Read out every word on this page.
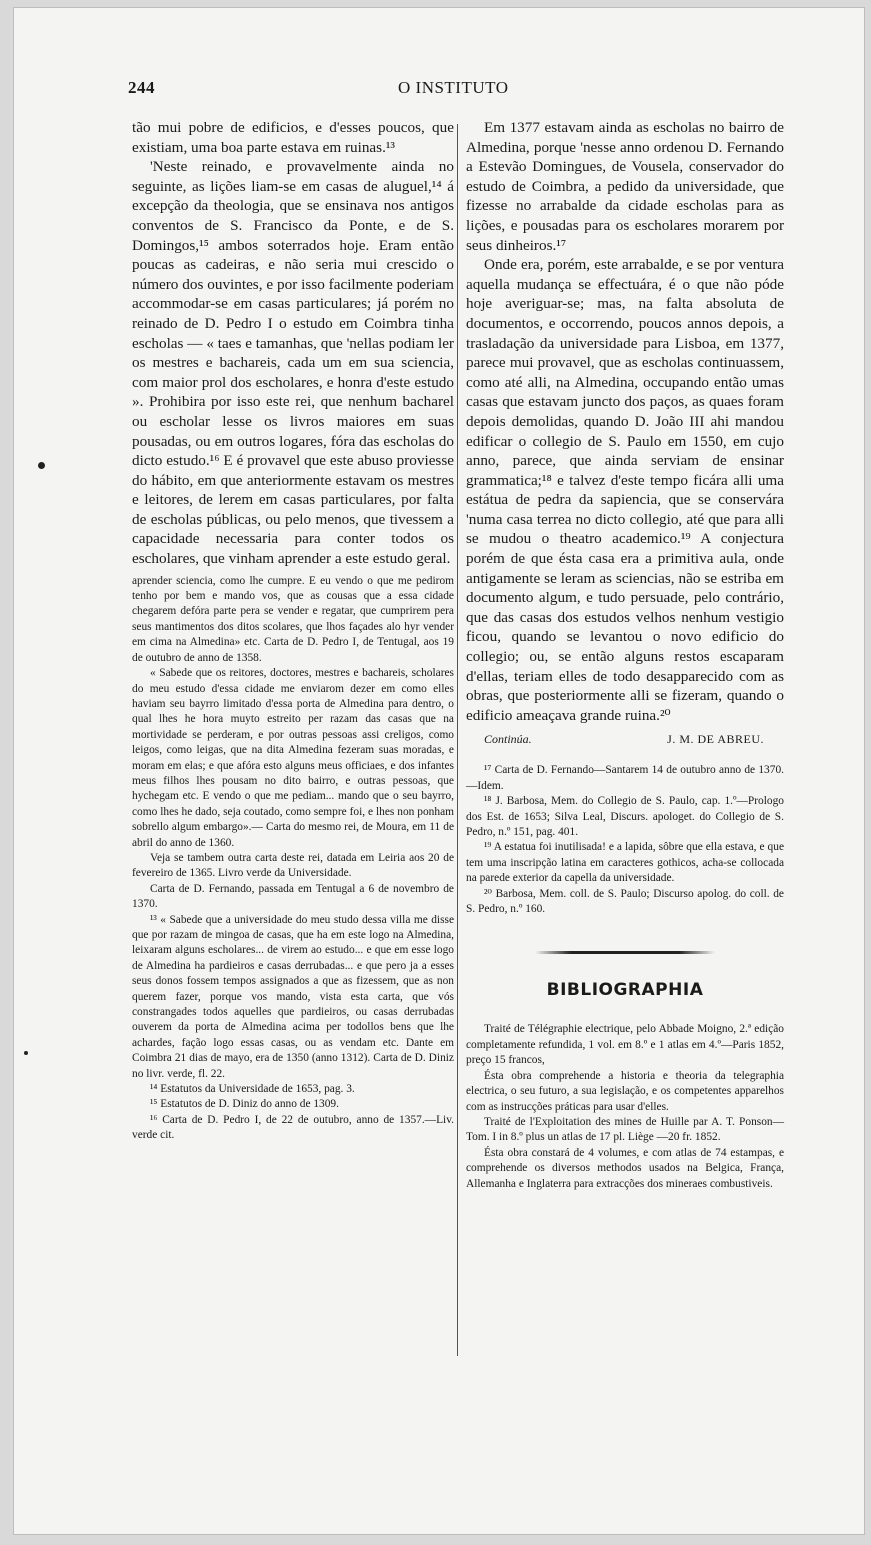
244	O INSTITUTO

tão mui pobre de edificios, e d'esses poucos, que existiam, uma boa parte estava em ruinas.¹³

'Neste reinado, e provavelmente ainda no seguinte, as lições liam-se em casas de aluguel,¹⁴ á excepção da theologia, que se ensinava nos antigos conventos de S. Francisco da Ponte, e de S. Domingos,¹⁵ ambos soterrados hoje. Eram então poucas as cadeiras, e não seria mui crescido o número dos ouvintes, e por isso facilmente poderiam accommodar-se em casas particulares; já porém no reinado de D. Pedro I o estudo em Coimbra tinha escholas — « taes e tamanhas, que 'nellas podiam ler os mestres e bachareis, cada um em sua sciencia, com maior prol dos escholares, e honra d'este estudo ». Prohibira por isso este rei, que nenhum bacharel ou escholar lesse os livros maiores em suas pousadas, ou em outros logares, fóra das escholas do dicto estudo.¹⁶ E é provavel que este abuso proviesse do hábito, em que anteriormente estavam os mestres e leitores, de lerem em casas particulares, por falta de escholas públicas, ou pelo menos, que tivessem a capacidade necessaria para conter todos os escholares, que vinham aprender a este estudo geral.

aprender sciencia, como lhe cumpre. E eu vendo o que me pedirom tenho por bem e mando vos, que as cousas que a essa cidade chegarem defóra parte pera se vender e regatar, que cumprirem pera seus mantimentos dos ditos scolares, que lhos façades alo hyr vender em cima na Almedina» etc. Carta de D. Pedro I, de Tentugal, aos 19 de outubro de anno de 1358.

« Sabede que os reitores, doctores, mestres e bachareis, scholares do meu estudo d'essa cidade me enviarom dezer em como elles haviam seu bayrro limitado d'essa porta de Almedina para dentro, o qual lhes he hora muyto estreito per razam das casas que na mortividade se perderam, e por outras pessoas assi creligos, como leigos, como leigas, que na dita Almedina fezeram suas moradas, e moram em elas; e que afóra esto alguns meus officiaes, e dos infantes meus filhos lhes pousam no dito bairro, e outras pessoas, que hychegam etc. E vendo o que me pediam... mando que o seu bayrro, como lhes he dado, seja coutado, como sempre foi, e lhes non ponham sobrello algum embargo».— Carta do mesmo rei, de Moura, em 11 de abril do anno de 1360.

Veja se tambem outra carta deste rei, datada em Leiria aos 20 de fevereiro de 1365. Livro verde da Universidade.

Carta de D. Fernando, passada em Tentugal a 6 de novembro de 1370.

¹³ « Sabede que a universidade do meu studo dessa villa me disse que por razam de mingoa de casas, que ha em este logo na Almedina, leixaram alguns escholares... de virem ao estudo... e que em esse logo de Almedina ha pardieiros e casas derrubadas... e que pero ja a esses seus donos fossem tempos assignados a que as fizessem, que as non querem fazer, porque vos mando, vista esta carta, que vós constrangades todos aquelles que pardieiros, ou casas derrubadas ouverem da porta de Almedina acima per todollos bens que lhe achardes, fação logo essas casas, ou as vendam etc. Dante em Coimbra 21 dias de mayo, era de 1350 (anno 1312). Carta de D. Diniz no livr. verde, fl. 22.

¹⁴ Estatutos da Universidade de 1653, pag. 3.

¹⁵ Estatutos de D. Diniz do anno de 1309.

¹⁶ Carta de D. Pedro I, de 22 de outubro, anno de 1357.—Liv. verde cit.

Em 1377 estavam ainda as escholas no bairro de Almedina, porque 'nesse anno ordenou D. Fernando a Estevão Domingues, de Vousela, conservador do estudo de Coimbra, a pedido da universidade, que fizesse no arrabalde da cidade escholas para as lições, e pousadas para os escholares morarem por seus dinheiros.¹⁷

Onde era, porém, este arrabalde, e se por ventura aquella mudança se effectuára, é o que não póde hoje averiguar-se; mas, na falta absoluta de documentos, e occorrendo, poucos annos depois, a trasladação da universidade para Lisboa, em 1377, parece mui provavel, que as escholas continuassem, como até alli, na Almedina, occupando então umas casas que estavam juncto dos paços, as quaes foram depois demolidas, quando D. João III ahi mandou edificar o collegio de S. Paulo em 1550, em cujo anno, parece, que ainda serviam de ensinar grammatica;¹⁸ e talvez d'este tempo ficára alli uma estátua de pedra da sapiencia, que se conservára 'numa casa terrea no dicto collegio, até que para alli se mudou o theatro academico.¹⁹ A conjectura porém de que ésta casa era a primitiva aula, onde antigamente se leram as sciencias, não se estriba em documento algum, e tudo persuade, pelo contrário, que das casas dos estudos velhos nenhum vestigio ficou, quando se levantou o novo edificio do collegio; ou, se então alguns restos escaparam d'ellas, teriam elles de todo desapparecido com as obras, que posteriormente alli se fizeram, quando o edificio ameaçava grande ruina.²⁰

Continúa.	J. M. DE ABREU.

¹⁷ Carta de D. Fernando—Santarem 14 de outubro anno de 1370.—Idem.

¹⁸ J. Barbosa, Mem. do Collegio de S. Paulo, cap. 1.º—Prologo dos Est. de 1653; Silva Leal, Discurs. apologet. do Collegio de S. Pedro, n.º 151, pag. 401.

¹⁹ A estatua foi inutilisada! e a lapida, sôbre que ella estava, e que tem uma inscripção latina em caracteres gothicos, acha-se collocada na parede exterior da capella da universidade.

²⁰ Barbosa, Mem. coll. de S. Paulo; Discurso apolog. do coll. de S. Pedro, n.º 160.

BIBLIOGRAPHIA

Traité de Télégraphie electrique, pelo Abbade Moigno, 2.ª edição completamente refundida, 1 vol. em 8.º e 1 atlas em 4.º—Paris 1852, preço 15 francos,

Ésta obra comprehende a historia e theoria da telegraphia electrica, o seu futuro, a sua legislação, e os competentes apparelhos com as instrucções práticas para usar d'elles.

Traité de l'Exploitation des mines de Huille par A. T. Ponson—Tom. I in 8.º plus un atlas de 17 pl. Liège —20 fr. 1852.

Ésta obra constará de 4 volumes, e com atlas de 74 estampas, e comprehende os diversos methodos usados na Belgica, França, Allemanha e Inglaterra para extracções dos mineraes combustiveis.
